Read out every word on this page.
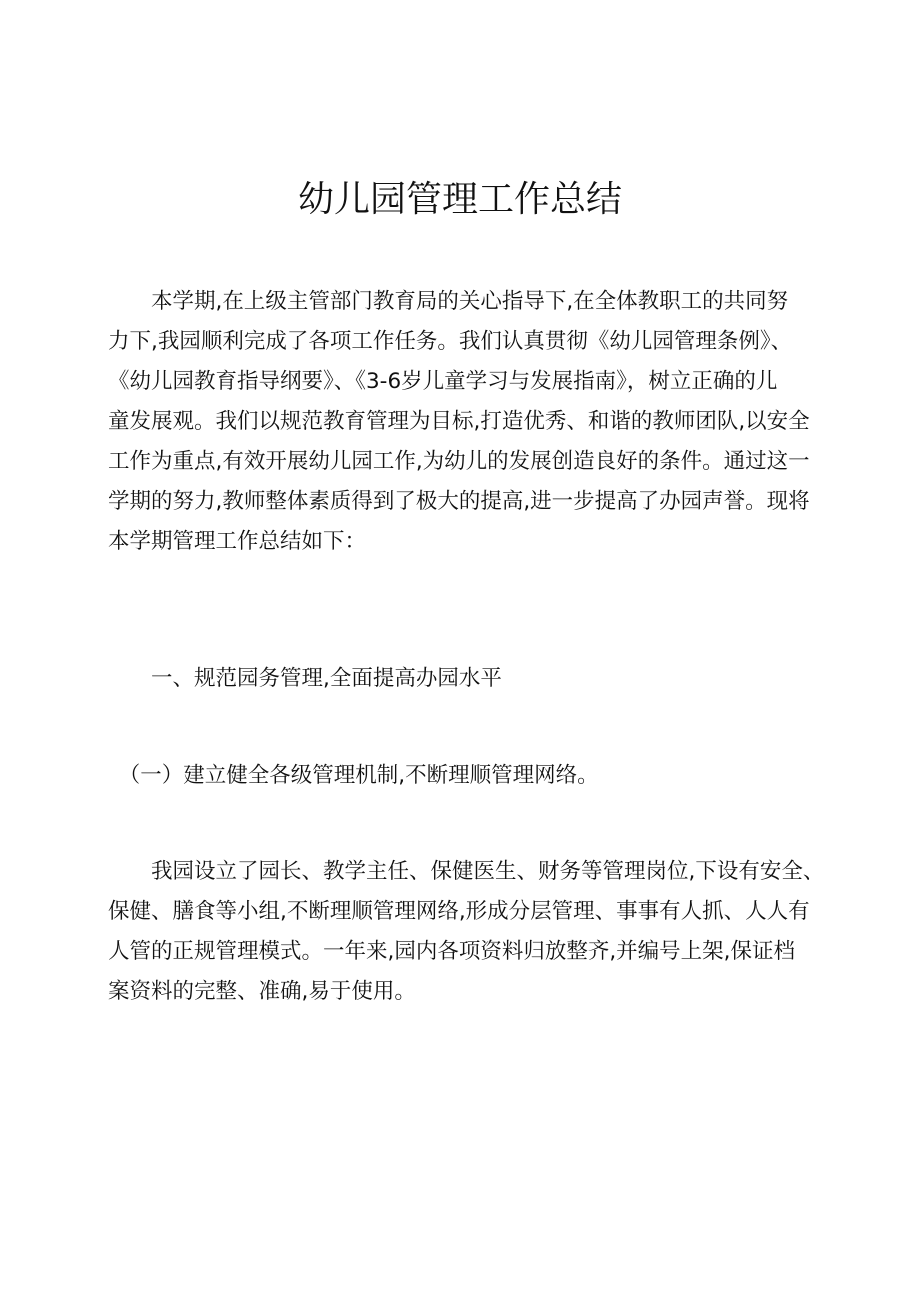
幼儿园管理工作总结
　　本学期,在上级主管部门教育局的关心指导下,在全体教职工的共同努
力下,我园顺利完成了各项工作任务。我们认真贯彻《幼儿园管理条例》、
《幼儿园教育指导纲要》、《3-6岁儿童学习与发展指南》，树立正确的儿
童发展观。我们以规范教育管理为目标,打造优秀、和谐的教师团队,以安全
工作为重点,有效开展幼儿园工作,为幼儿的发展创造良好的条件。通过这一
学期的努力,教师整体素质得到了极大的提高,进一步提高了办园声誉。现将
本学期管理工作总结如下：
　　一、规范园务管理,全面提高办园水平
　（一）建立健全各级管理机制,不断理顺管理网络。
　　我园设立了园长、教学主任、保健医生、财务等管理岗位,下设有安全、
保健、膳食等小组,不断理顺管理网络,形成分层管理、事事有人抓、人人有
人管的正规管理模式。一年来,园内各项资料归放整齐,并编号上架,保证档
案资料的完整、准确,易于使用。
